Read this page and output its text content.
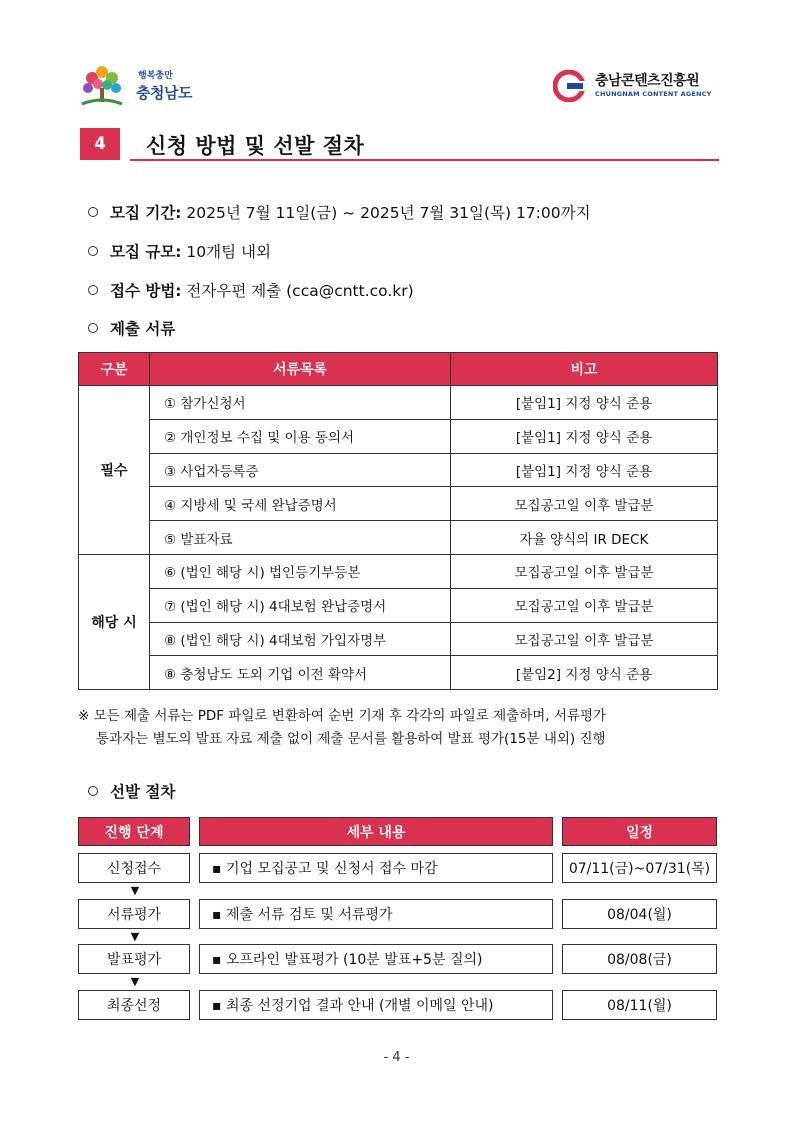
행복충만
충청남도
충남콘텐츠진흥원
CHUNGNAM CONTENT AGENCY
4	신청 방법 및 선발 절차
모집 기간: 2025년 7월 11일(금) ~ 2025년 7월 31일(목) 17:00까지
모집 규모: 10개팀 내외
접수 방법: 전자우편 제출 (cca@cntt.co.kr)
제출 서류
구분	서류목록	비고
필수	① 참가신청서	[붙임1] 지정 양식 준용
	② 개인정보 수집 및 이용 동의서	[붙임1] 지정 양식 준용
	③ 사업자등록증	[붙임1] 지정 양식 준용
	④ 지방세 및 국세 완납증명서	모집공고일 이후 발급분
	⑤ 발표자료	자율 양식의 IR DECK
해당 시	⑥ (법인 해당 시) 법인등기부등본	모집공고일 이후 발급분
	⑦ (법인 해당 시) 4대보험 완납증명서	모집공고일 이후 발급분
	⑧ (법인 해당 시) 4대보험 가입자명부	모집공고일 이후 발급분
	⑧ 충청남도 도외 기업 이전 확약서	[붙임2] 지정 양식 준용
※ 모든 제출 서류는 PDF 파일로 변환하여 순번 기재 후 각각의 파일로 제출하며, 서류평가
통과자는 별도의 발표 자료 제출 없이 제출 문서를 활용하여 발표 평가(15분 내외) 진행
선발 절차
진행 단계	세부 내용	일정
신청접수	▪ 기업 모집공고 및 신청서 접수 마감	07/11(금)~07/31(목)
▼
서류평가	▪ 제출 서류 검토 및 서류평가	08/04(월)
▼
발표평가	▪ 오프라인 발표평가 (10분 발표+5분 질의)	08/08(금)
▼
최종선정	▪ 최종 선정기업 결과 안내 (개별 이메일 안내)	08/11(월)
- 4 -
